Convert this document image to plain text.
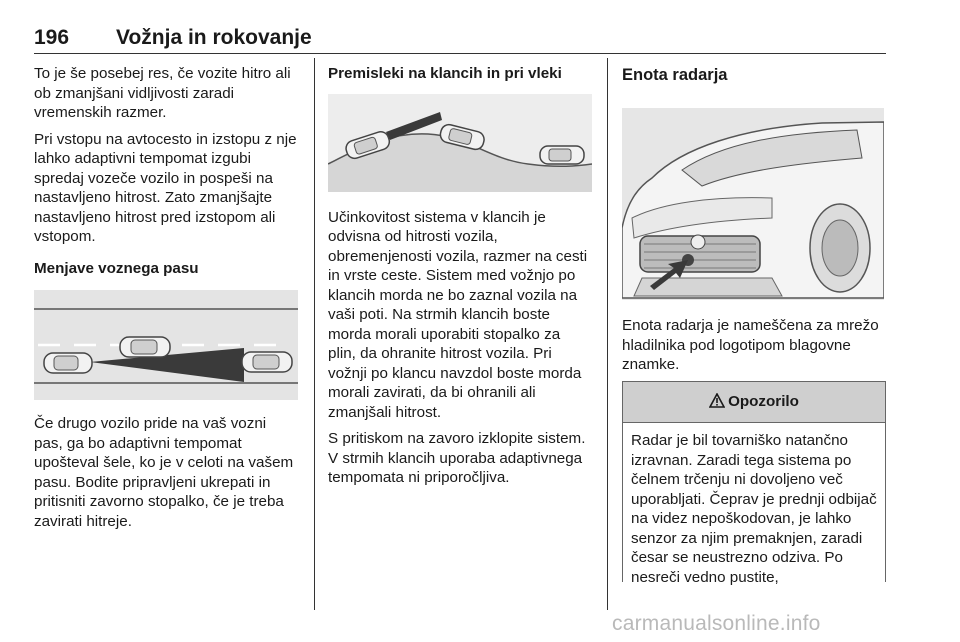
196 Vožnja in rokovanje

To je še posebej res, če vozite hitro ali ob zmanjšani vidljivosti zaradi vremenskih razmer.

Pri vstopu na avtocesto in izstopu z nje lahko adaptivni tempomat izgubi spredaj vozeče vozilo in pospeši na nastavljeno hitrost. Zato zmanjšajte nastavljeno hitrost pred izstopom ali vstopom.

Menjave voznega pasu

Če drugo vozilo pride na vaš vozni pas, ga bo adaptivni tempomat upošteval šele, ko je v celoti na vašem pasu. Bodite pripravljeni ukrepati in pritisniti zavorno stopalko, če je treba zavirati hitreje.

Premisleki na klancih in pri vleki

Učinkovitost sistema v klancih je odvisna od hitrosti vozila, obremenjenosti vozila, razmer na cesti in vrste ceste. Sistem med vožnjo po klancih morda ne bo zaznal vozila na vaši poti. Na strmih klancih boste morda morali uporabiti stopalko za plin, da ohranite hitrost vozila. Pri vožnji po klancu navzdol boste morda morali zavirati, da bi ohranili ali zmanjšali hitrost.

S pritiskom na zavoro izklopite sistem. V strmih klancih uporaba adaptivnega tempomata ni priporočljiva.

Enota radarja

Enota radarja je nameščena za mrežo hladilnika pod logotipom blagovne znamke.

Opozorilo

Radar je bil tovarniško natančno izravnan. Zaradi tega sistema po čelnem trčenju ni dovoljeno več uporabljati. Čeprav je prednji odbijač na videz nepoškodovan, je lahko senzor za njim premaknjen, zaradi česar se neustrezno odziva. Po nesreči vedno pustite,

carmanualsonline.info
